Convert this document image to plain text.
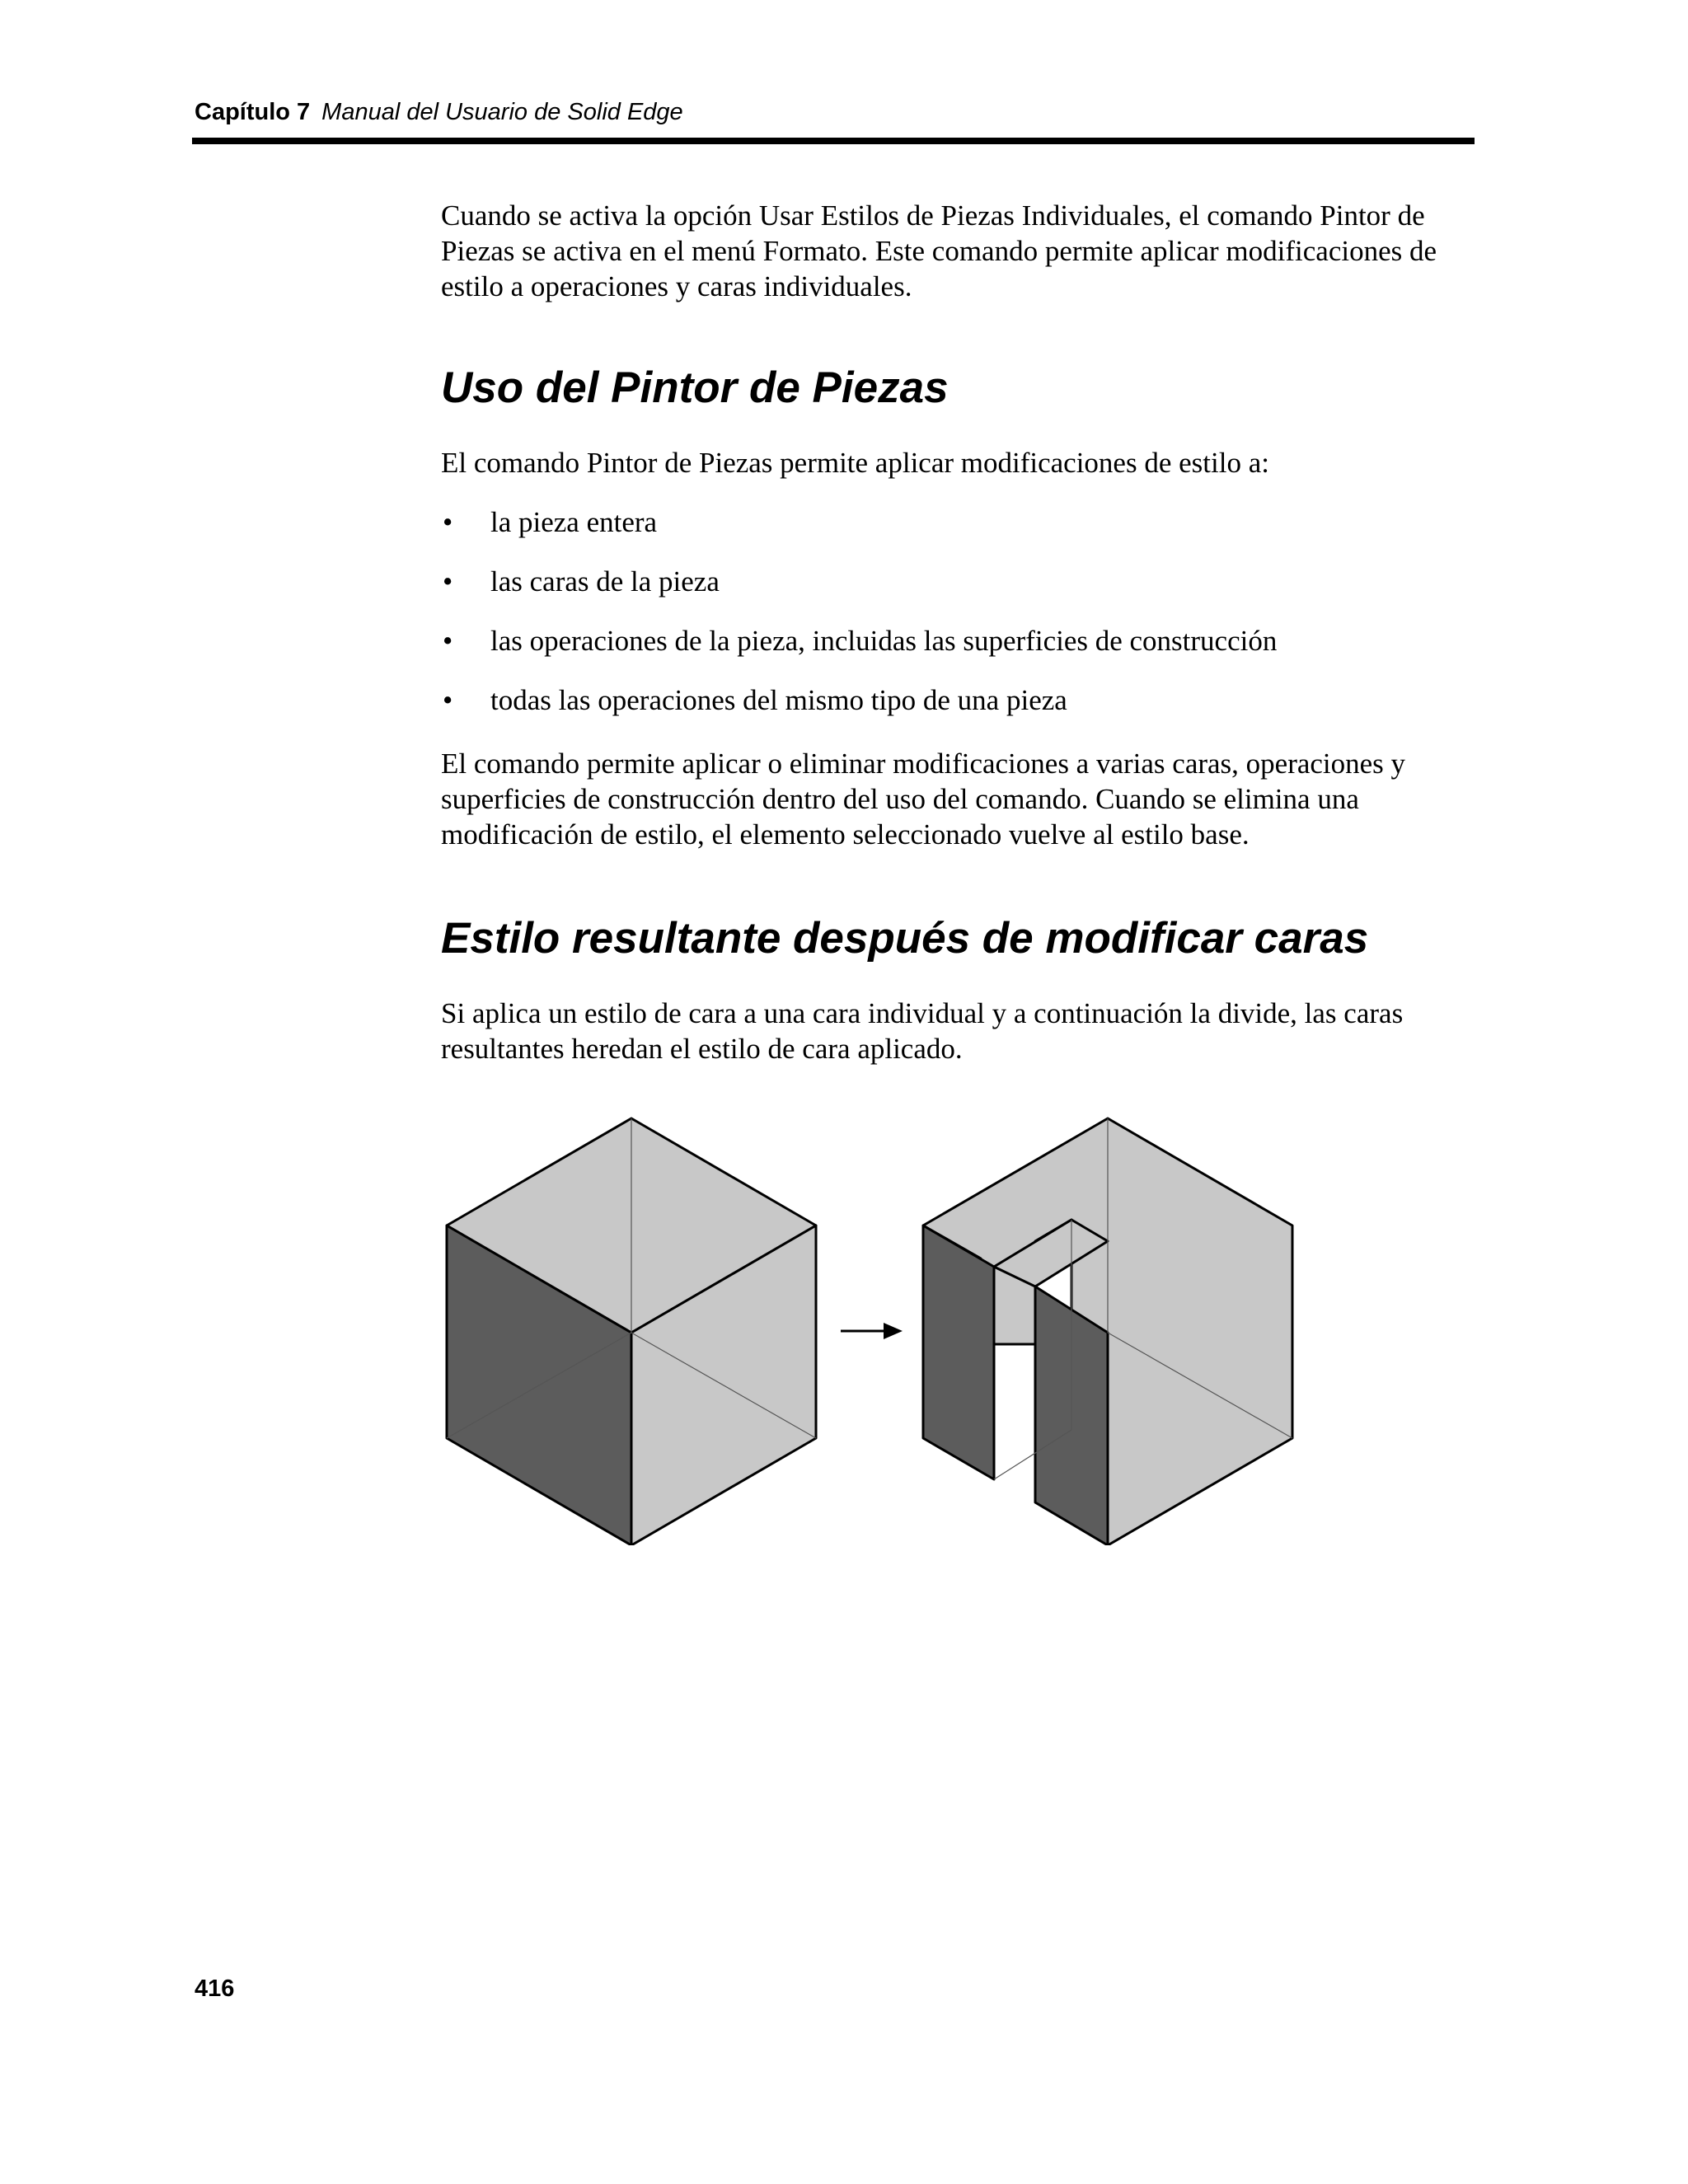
Capítulo 7 Manual del Usuario de Solid Edge

Cuando se activa la opción Usar Estilos de Piezas Individuales, el comando Pintor de Piezas se activa en el menú Formato. Este comando permite aplicar modificaciones de estilo a operaciones y caras individuales.

Uso del Pintor de Piezas

El comando Pintor de Piezas permite aplicar modificaciones de estilo a:

• la pieza entera
• las caras de la pieza
• las operaciones de la pieza, incluidas las superficies de construcción
• todas las operaciones del mismo tipo de una pieza

El comando permite aplicar o eliminar modificaciones a varias caras, operaciones y superficies de construcción dentro del uso del comando. Cuando se elimina una modificación de estilo, el elemento seleccionado vuelve al estilo base.

Estilo resultante después de modificar caras

Si aplica un estilo de cara a una cara individual y a continuación la divide, las caras resultantes heredan el estilo de cara aplicado.

416
